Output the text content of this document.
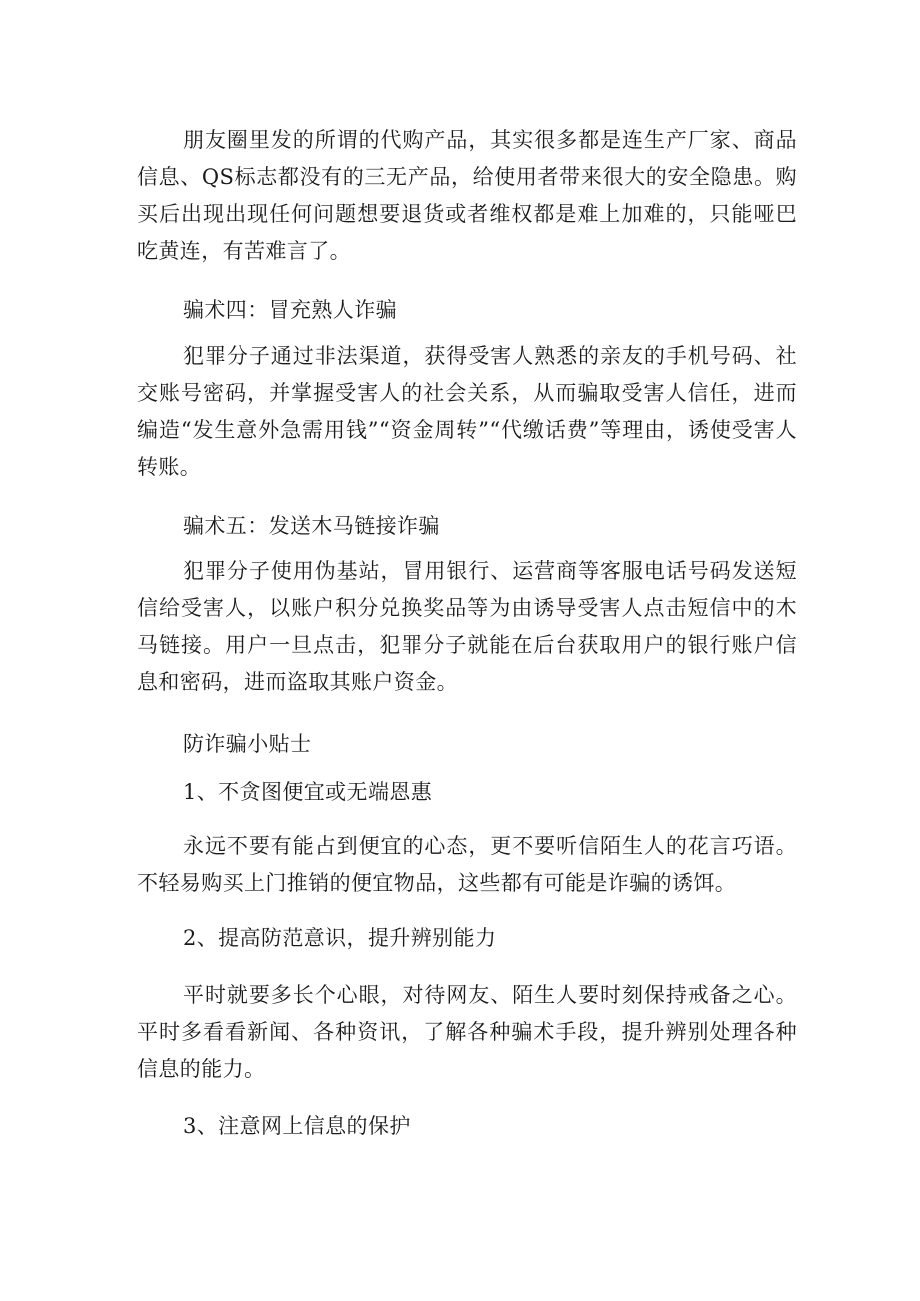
朋友圈里发的所谓的代购产品，其实很多都是连生产厂家、商品信息、QS标志都没有的三无产品，给使用者带来很大的安全隐患。购买后出现出现任何问题想要退货或者维权都是难上加难的，只能哑巴吃黄连，有苦难言了。

骗术四：冒充熟人诈骗

犯罪分子通过非法渠道，获得受害人熟悉的亲友的手机号码、社交账号密码，并掌握受害人的社会关系，从而骗取受害人信任，进而编造“发生意外急需用钱”“资金周转”“代缴话费”等理由，诱使受害人转账。

骗术五：发送木马链接诈骗

犯罪分子使用伪基站，冒用银行、运营商等客服电话号码发送短信给受害人，以账户积分兑换奖品等为由诱导受害人点击短信中的木马链接。用户一旦点击，犯罪分子就能在后台获取用户的银行账户信息和密码，进而盗取其账户资金。

防诈骗小贴士

1、不贪图便宜或无端恩惠

永远不要有能占到便宜的心态，更不要听信陌生人的花言巧语。不轻易购买上门推销的便宜物品，这些都有可能是诈骗的诱饵。

2、提高防范意识，提升辨别能力

平时就要多长个心眼，对待网友、陌生人要时刻保持戒备之心。平时多看看新闻、各种资讯，了解各种骗术手段，提升辨别处理各种信息的能力。

3、注意网上信息的保护
